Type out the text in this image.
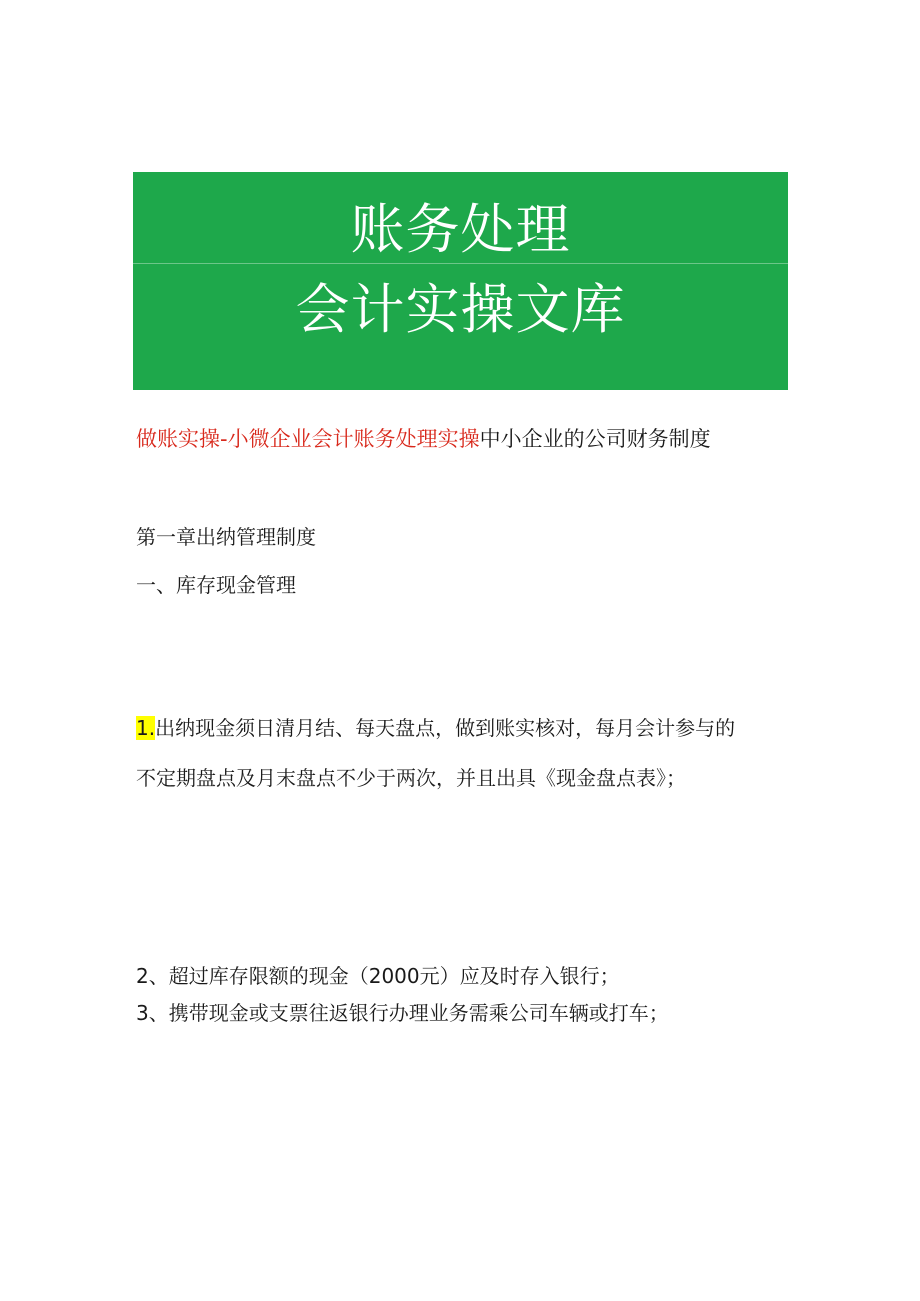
账务处理
会计实操文库
做账实操-小微企业会计账务处理实操中小企业的公司财务制度
第一章出纳管理制度
一、库存现金管理
1.出纳现金须日清月结、每天盘点，做到账实核对，每月会计参与的
不定期盘点及月末盘点不少于两次，并且出具《现金盘点表》；
2、超过库存限额的现金（2000元）应及时存入银行；
3、携带现金或支票往返银行办理业务需乘公司车辆或打车；
